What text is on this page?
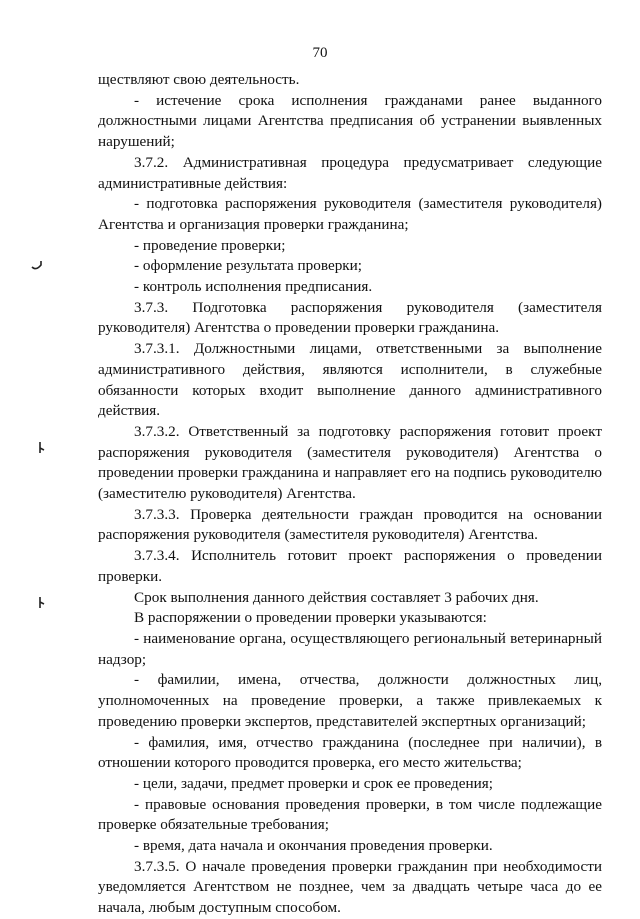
70

ществляют свою деятельность.

- истечение срока исполнения гражданами ранее выданного должностными лицами Агентства предписания об устранении выявленных нарушений;

3.7.2. Административная процедура предусматривает следующие административные действия:

- подготовка распоряжения руководителя (заместителя руководителя) Агентства и организация проверки гражданина;

- проведение проверки;

- оформление результата проверки;

- контроль исполнения предписания.

3.7.3. Подготовка распоряжения руководителя (заместителя руководителя) Агентства о проведении проверки гражданина.

3.7.3.1. Должностными лицами, ответственными за выполнение административного действия, являются исполнители, в служебные обязанности которых входит выполнение данного административного действия.

3.7.3.2. Ответственный за подготовку распоряжения готовит проект распоряжения руководителя (заместителя руководителя) Агентства о проведении проверки гражданина и направляет его на подпись руководителю (заместителю руководителя) Агентства.

3.7.3.3. Проверка деятельности граждан проводится на основании распоряжения руководителя (заместителя руководителя) Агентства.

3.7.3.4. Исполнитель готовит проект распоряжения о проведении проверки.

Срок выполнения данного действия составляет 3 рабочих дня.

В распоряжении о проведении проверки указываются:

- наименование органа, осуществляющего региональный ветеринарный надзор;

- фамилии, имена, отчества, должности должностных лиц, уполномоченных на проведение проверки, а также привлекаемых к проведению проверки экспертов, представителей экспертных организаций;

- фамилия, имя, отчество гражданина (последнее при наличии), в отношении которого проводится проверка, его место жительства;

- цели, задачи, предмет проверки и срок ее проведения;

- правовые основания проведения проверки, в том числе подлежащие проверке обязательные требования;

- время, дата начала и окончания проведения проверки.

3.7.3.5. О начале проведения проверки гражданин при необходимости уведомляется Агентством не позднее, чем за двадцать четыре часа до ее начала, любым доступным способом.
